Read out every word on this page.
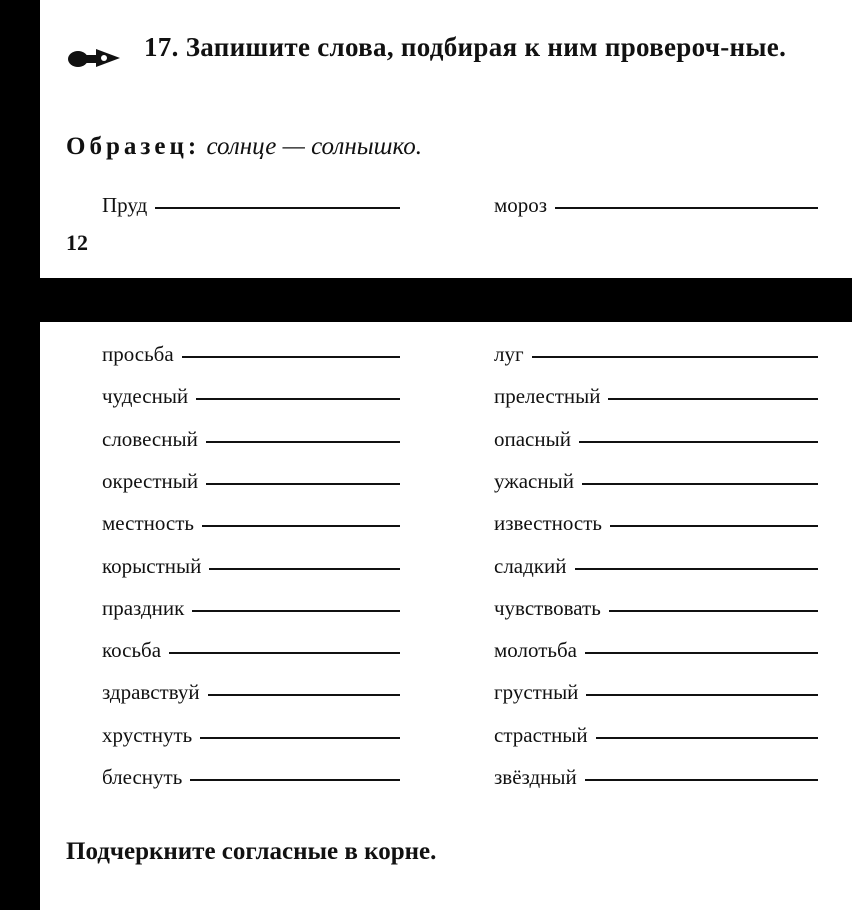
17. Запишите слова, подбирая к ним провероч-ные.
Образец: солнце — солнышко.
Пруд	мороз
просьба	луг
чудесный	прелестный
словесный	опасный
окрестный	ужасный
местность	известность
корыстный	сладкий
праздник	чувствовать
косьба	молотьба
здравствуй	грустный
хрустнуть	страстный
блеснуть	звёздный
12
Подчеркните согласные в корне.
